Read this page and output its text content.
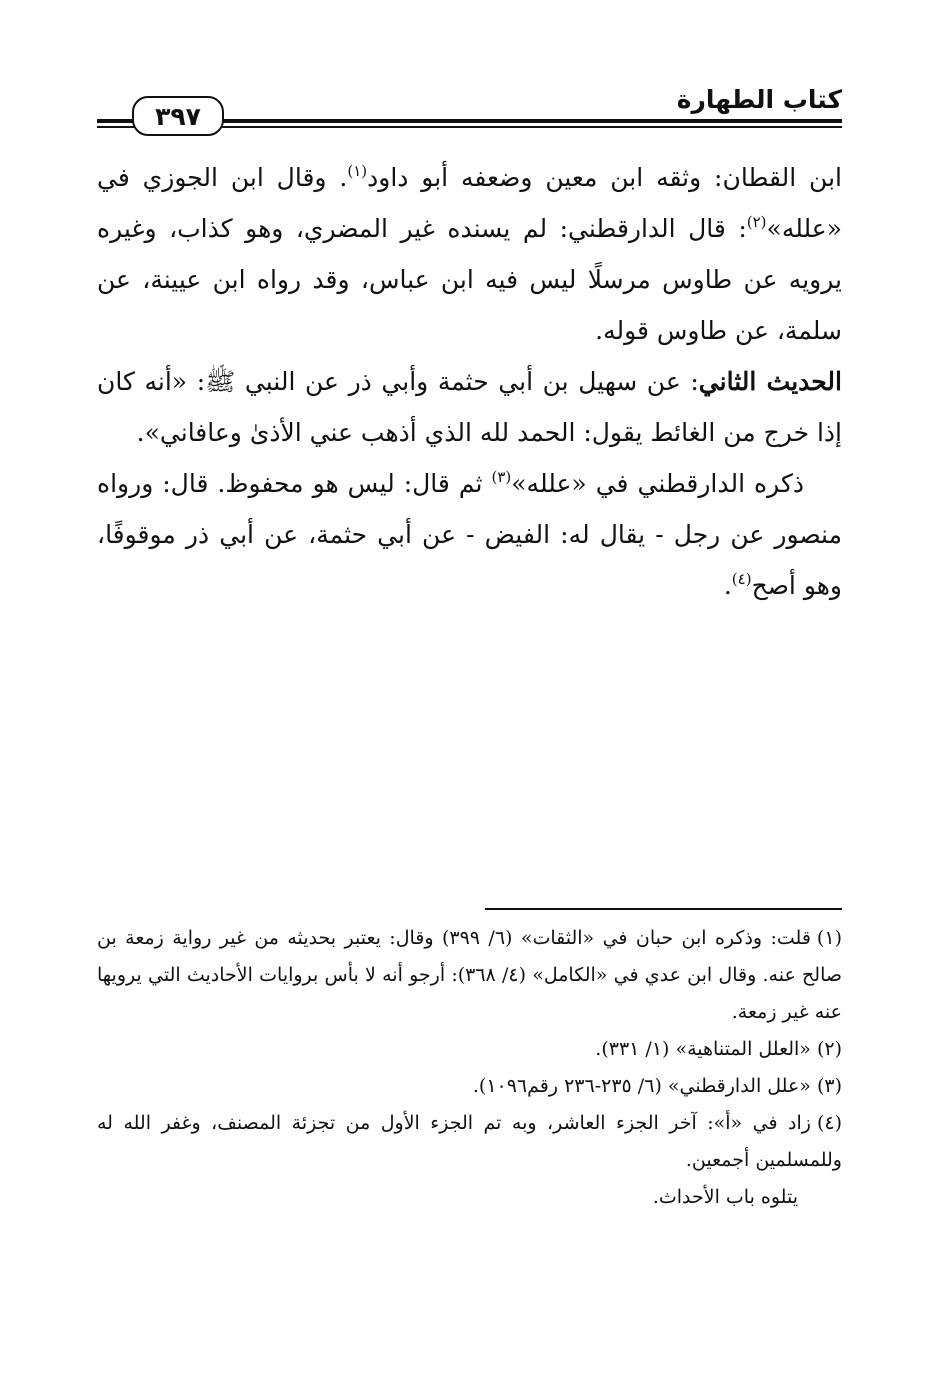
كتاب الطهارة
٣٩٧

ابن القطان: وثقه ابن معين وضعفه أبو داود$^{(١)}$. وقال ابن الجوزي في «علله»$^{(٢)}$: قال الدارقطني: لم يسنده غير المضري، وهو كذاب، وغيره يرويه عن طاوس مرسلًا ليس فيه ابن عباس، وقد رواه ابن عيينة، عن سلمة، عن طاوس قوله.

الحديث الثاني: عن سهيل بن أبي حثمة وأبي ذر عن النبي ﷺ: «أنه كان إذا خرج من الغائط يقول: الحمد لله الذي أذهب عني الأذىٰ وعافاني».

ذكره الدارقطني في «علله»$^{(٣)}$ ثم قال: ليس هو محفوظ. قال: ورواه منصور عن رجل - يقال له: الفيض - عن أبي حثمة، عن أبي ذر موقوفًا، وهو أصح$^{(٤)}$.

(١)قلت: وذكره ابن حبان في «الثقات» (٦/ ٣٩٩) وقال: يعتبر بحديثه من غير رواية زمعة بن صالح عنه. وقال ابن عدي في «الكامل» (٤/ ٣٦٨): أرجو أنه لا بأس بروايات الأحاديث التي يرويها عنه غير زمعة.

(٢)«العلل المتناهية» (١/ ٣٣١).

(٣)«علل الدارقطني» (٦/ ٢٣٥-٢٣٦ رقم١٠٩٦).

(٤)زاد في «أ»: آخر الجزء العاشر، وبه تم الجزء الأول من تجزئة المصنف، وغفر الله له وللمسلمين أجمعين.
يتلوه باب الأحداث.
